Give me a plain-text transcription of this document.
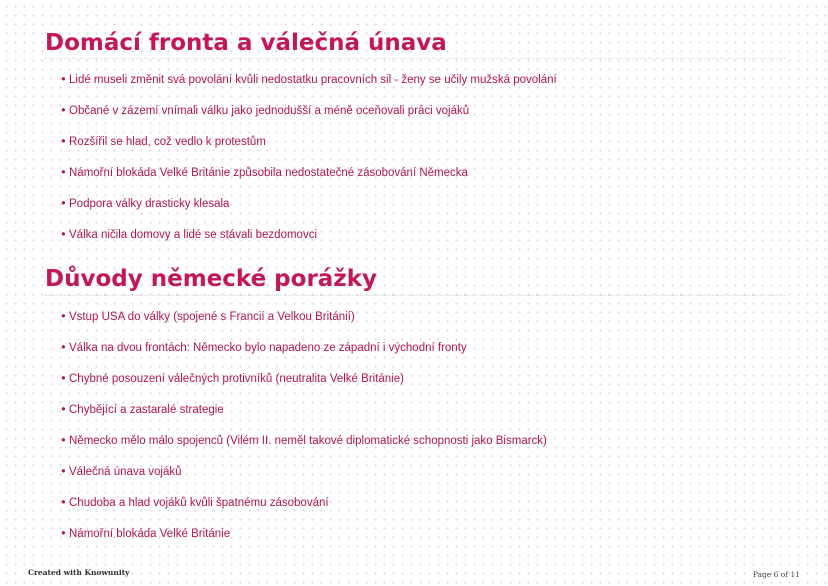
Domácí fronta a válečná únava
• Lidé museli změnit svá povolání kvůli nedostatku pracovních sil - ženy se učily mužská povolání
• Občané v zázemí vnímali válku jako jednodušší a méně oceňovali práci vojáků
• Rozšířil se hlad, což vedlo k protestům
• Námořní blokáda Velké Británie způsobila nedostatečné zásobování Německa
• Podpora války drasticky klesala
• Válka ničila domovy a lidé se stávali bezdomovci
Důvody německé porážky
• Vstup USA do války (spojené s Francií a Velkou Británií)
• Válka na dvou frontách: Německo bylo napadeno ze západní i východní fronty
• Chybné posouzení válečných protivníků (neutralita Velké Británie)
• Chybějící a zastaralé strategie
• Německo mělo málo spojenců (Vilém II. neměl takové diplomatické schopnosti jako Bismarck)
• Válečná únava vojáků
• Chudoba a hlad vojáků kvůli špatnému zásobování
• Námořní blokáda Velké Británie
Created with Knowunity	Page 6 of 11
